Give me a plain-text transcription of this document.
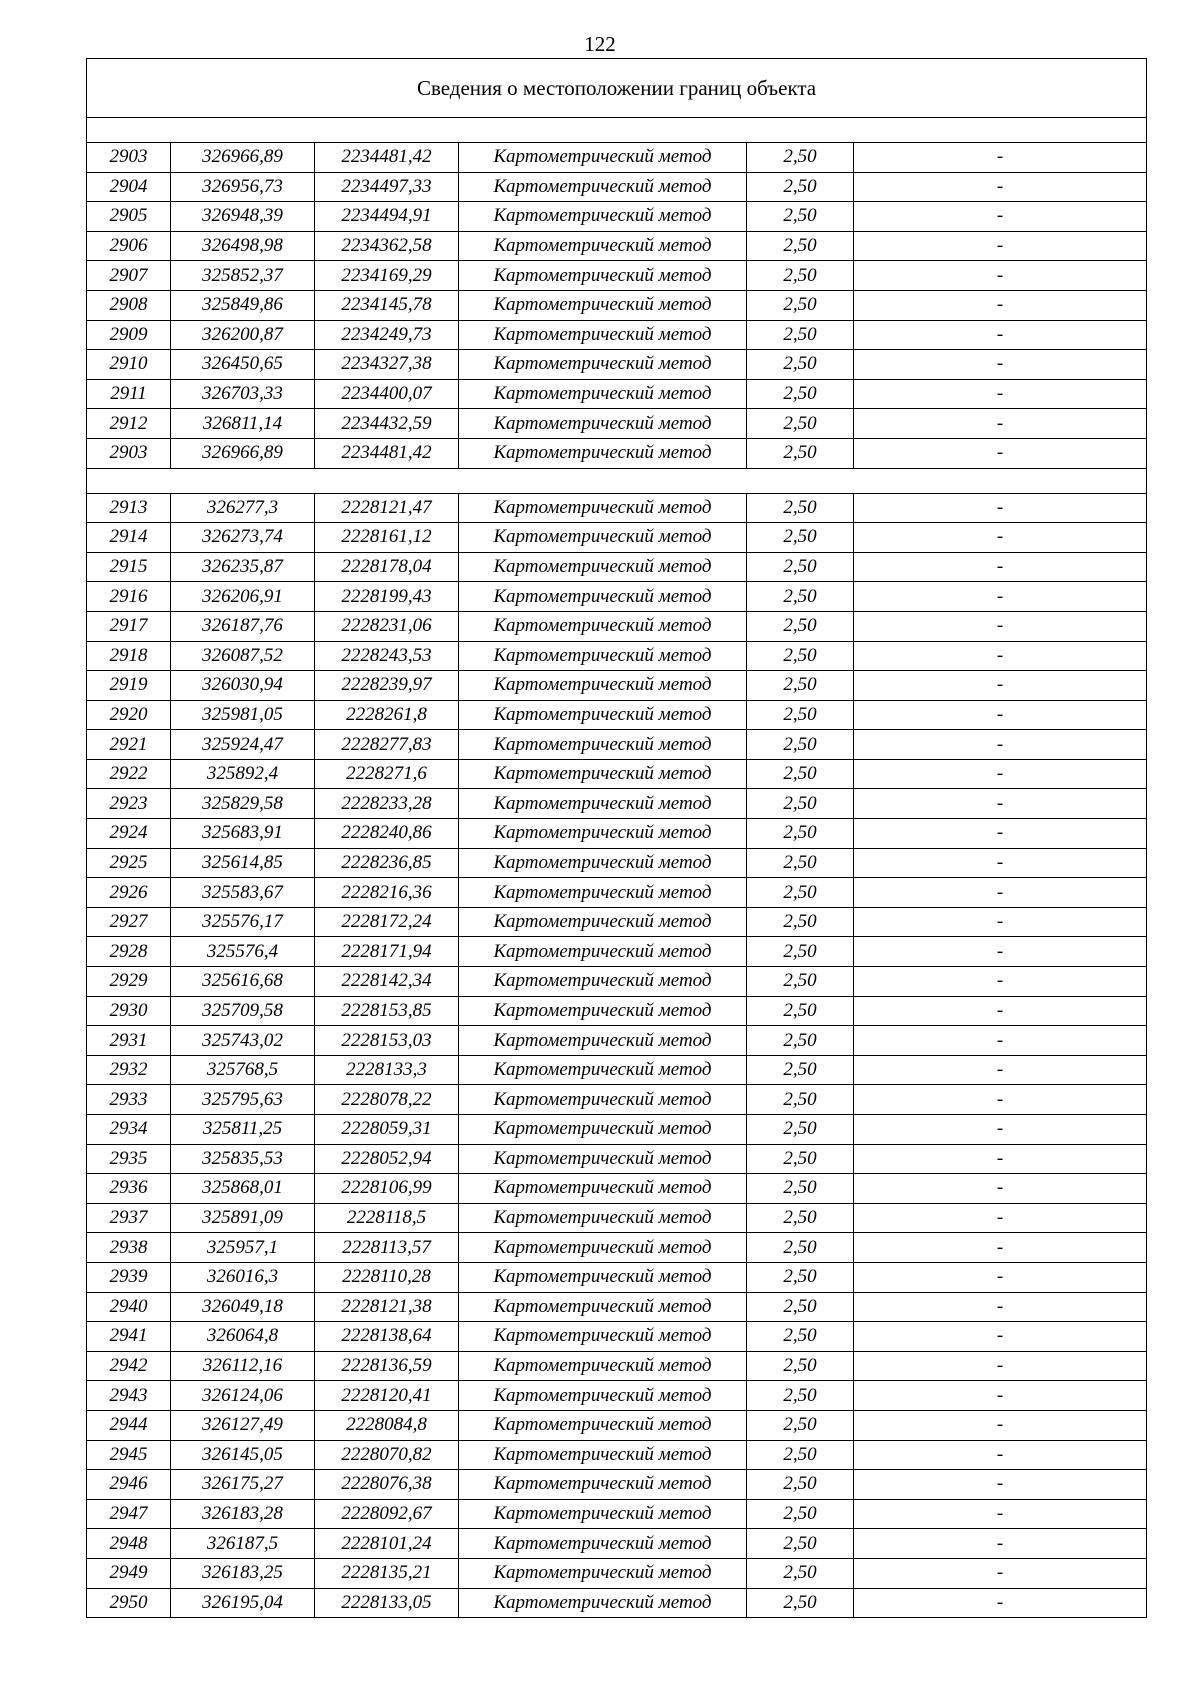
122
Сведения о местоположении границ объекта					

2903	326966,89	2234481,42	Картометрический метод	2,50	-
2904	326956,73	2234497,33	Картометрический метод	2,50	-
2905	326948,39	2234494,91	Картометрический метод	2,50	-
2906	326498,98	2234362,58	Картометрический метод	2,50	-
2907	325852,37	2234169,29	Картометрический метод	2,50	-
2908	325849,86	2234145,78	Картометрический метод	2,50	-
2909	326200,87	2234249,73	Картометрический метод	2,50	-
2910	326450,65	2234327,38	Картометрический метод	2,50	-
2911	326703,33	2234400,07	Картометрический метод	2,50	-
2912	326811,14	2234432,59	Картометрический метод	2,50	-
2903	326966,89	2234481,42	Картометрический метод	2,50	-

2913	326277,3	2228121,47	Картометрический метод	2,50	-
2914	326273,74	2228161,12	Картометрический метод	2,50	-
2915	326235,87	2228178,04	Картометрический метод	2,50	-
2916	326206,91	2228199,43	Картометрический метод	2,50	-
2917	326187,76	2228231,06	Картометрический метод	2,50	-
2918	326087,52	2228243,53	Картометрический метод	2,50	-
2919	326030,94	2228239,97	Картометрический метод	2,50	-
2920	325981,05	2228261,8	Картометрический метод	2,50	-
2921	325924,47	2228277,83	Картометрический метод	2,50	-
2922	325892,4	2228271,6	Картометрический метод	2,50	-
2923	325829,58	2228233,28	Картометрический метод	2,50	-
2924	325683,91	2228240,86	Картометрический метод	2,50	-
2925	325614,85	2228236,85	Картометрический метод	2,50	-
2926	325583,67	2228216,36	Картометрический метод	2,50	-
2927	325576,17	2228172,24	Картометрический метод	2,50	-
2928	325576,4	2228171,94	Картометрический метод	2,50	-
2929	325616,68	2228142,34	Картометрический метод	2,50	-
2930	325709,58	2228153,85	Картометрический метод	2,50	-
2931	325743,02	2228153,03	Картометрический метод	2,50	-
2932	325768,5	2228133,3	Картометрический метод	2,50	-
2933	325795,63	2228078,22	Картометрический метод	2,50	-
2934	325811,25	2228059,31	Картометрический метод	2,50	-
2935	325835,53	2228052,94	Картометрический метод	2,50	-
2936	325868,01	2228106,99	Картометрический метод	2,50	-
2937	325891,09	2228118,5	Картометрический метод	2,50	-
2938	325957,1	2228113,57	Картометрический метод	2,50	-
2939	326016,3	2228110,28	Картометрический метод	2,50	-
2940	326049,18	2228121,38	Картометрический метод	2,50	-
2941	326064,8	2228138,64	Картометрический метод	2,50	-
2942	326112,16	2228136,59	Картометрический метод	2,50	-
2943	326124,06	2228120,41	Картометрический метод	2,50	-
2944	326127,49	2228084,8	Картометрический метод	2,50	-
2945	326145,05	2228070,82	Картометрический метод	2,50	-
2946	326175,27	2228076,38	Картометрический метод	2,50	-
2947	326183,28	2228092,67	Картометрический метод	2,50	-
2948	326187,5	2228101,24	Картометрический метод	2,50	-
2949	326183,25	2228135,21	Картометрический метод	2,50	-
2950	326195,04	2228133,05	Картометрический метод	2,50	-
